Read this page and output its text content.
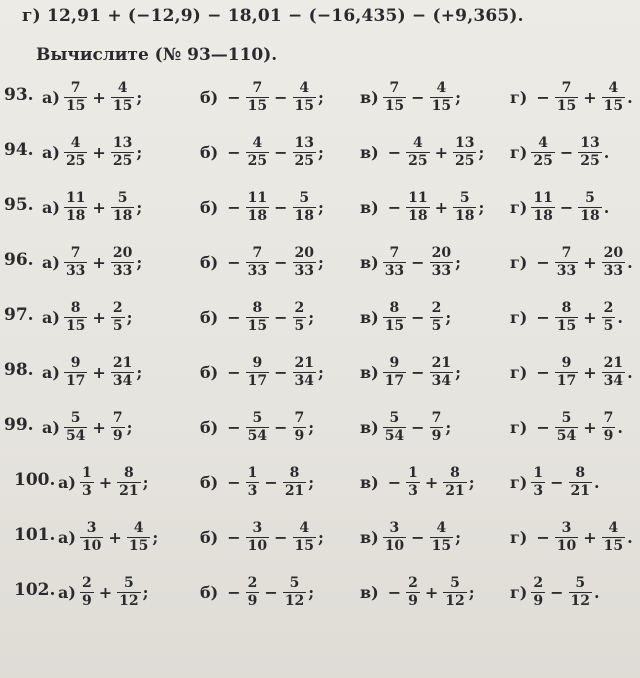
г) 12,91 + (−12,9) − 18,01 − (−16,435) − (+9,365).
Вычислите (№ 93—110).
93. $а) \frac{7}{15} + \frac{4}{15}$ ;	$б) - \frac{7}{15} - \frac{4}{15}$ ; $в) \frac{7}{15} - \frac{4}{15}$ ;	$г) - \frac{7}{15} + \frac{4}{15}$ .
94. $а) \frac{4}{25} + \frac{13}{25}$ ;	$б) - \frac{4}{25} - \frac{13}{25}$ ; $в) - \frac{4}{25} + \frac{13}{25}$ ; $г) \frac{4}{25} - \frac{13}{25}$ .
95. $а) \frac{11}{18} + \frac{5}{18}$ ;	$б) - \frac{11}{18} - \frac{5}{18}$ ; $в) - \frac{11}{18} + \frac{5}{18}$ ; $г) \frac{11}{18} - \frac{5}{18}$ .
96. $а) \frac{7}{33} + \frac{20}{33}$ ;	$б) - \frac{7}{33} - \frac{20}{33}$ ; $в) \frac{7}{33} - \frac{20}{33}$ ;	$г) - \frac{7}{33} + \frac{20}{33}$ .
97. $а) \frac{8}{15} + \frac{2}{5}$ ;	$б) - \frac{8}{15} - \frac{2}{5}$ ;	$в) \frac{8}{15} - \frac{2}{5}$ ;	$г) - \frac{8}{15} + \frac{2}{5}$ .
98. $а) \frac{9}{17} + \frac{21}{34}$ ;	$б) - \frac{9}{17} - \frac{21}{34}$ ; $в) \frac{9}{17} - \frac{21}{34}$ ;	$г) - \frac{9}{17} + \frac{21}{34}$ .
99. $а) \frac{5}{54} + \frac{7}{9}$ ;	$б) - \frac{5}{54} - \frac{7}{9}$ ;	$в) \frac{5}{54} - \frac{7}{9}$ ;	$г) - \frac{5}{54} + \frac{7}{9}$ .
100. $а) \frac{1}{3} + \frac{8}{21}$ ;	$б) - \frac{1}{3} - \frac{8}{21}$ ;	$в) - \frac{1}{3} + \frac{8}{21}$ ; $г) \frac{1}{3} - \frac{8}{21}$ .
101. $а) \frac{3}{10} + \frac{4}{15}$ ;	$б) - \frac{3}{10} - \frac{4}{15}$ ; $в) \frac{3}{10} - \frac{4}{15}$ ;	$г) - \frac{3}{10} + \frac{4}{15}$ .
102. $а) \frac{2}{9} + \frac{5}{12}$ ;	$б) - \frac{2}{9} - \frac{5}{12}$ ;	$в) - \frac{2}{9} + \frac{5}{12}$ ; $г) \frac{2}{9} - \frac{5}{12}$ .
